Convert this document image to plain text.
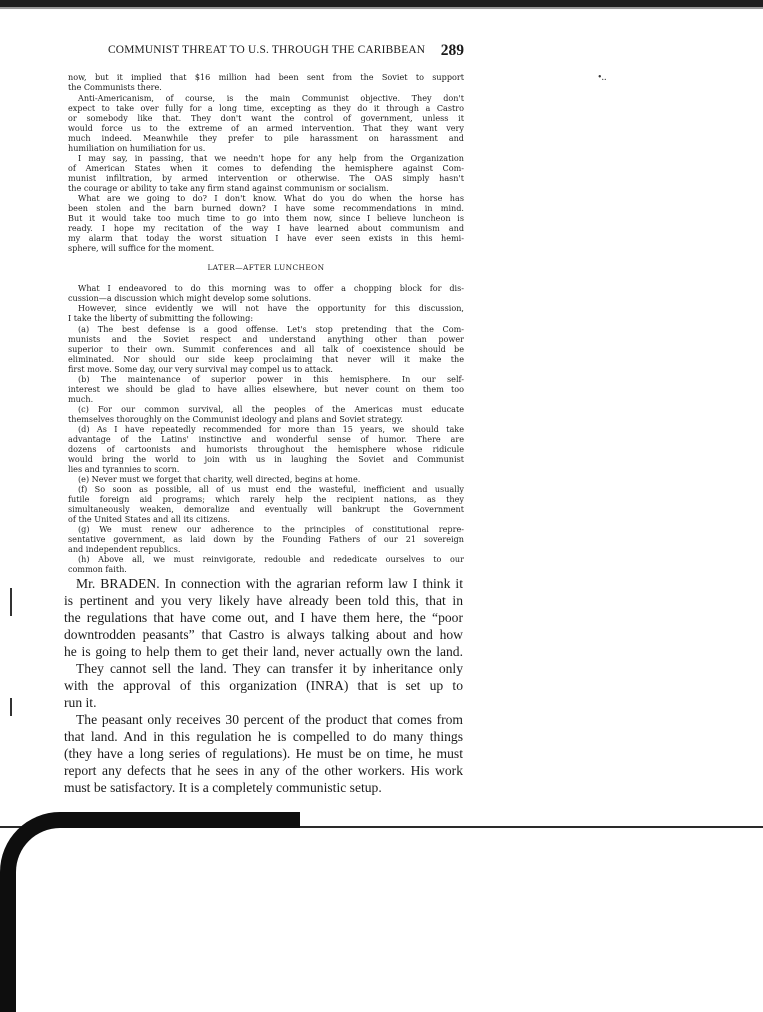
•..
COMMUNIST THREAT TO U.S. THROUGH THE CARIBBEAN 289
now, but it implied that $16 million had been sent from the Soviet to support
the Communists there.
Anti-Americanism, of course, is the main Communist objective. They don't
expect to take over fully for a long time, excepting as they do it through a Castro
or somebody like that. They don't want the control of government, unless it
would force us to the extreme of an armed intervention. That they want very
much indeed. Meanwhile they prefer to pile harassment on harassment and
humiliation on humiliation for us.
I may say, in passing, that we needn't hope for any help from the Organization
of American States when it comes to defending the hemisphere against Com-
munist infiltration, by armed intervention or otherwise. The OAS simply hasn't
the courage or ability to take any firm stand against communism or socialism.
What are we going to do? I don't know. What do you do when the horse has
been stolen and the barn burned down? I have some recommendations in mind.
But it would take too much time to go into them now, since I believe luncheon is
ready. I hope my recitation of the way I have learned about communism and
my alarm that today the worst situation I have ever seen exists in this hemi-
sphere, will suffice for the moment.
LATER—AFTER LUNCHEON
What I endeavored to do this morning was to offer a chopping block for dis-
cussion—a discussion which might develop some solutions.
However, since evidently we will not have the opportunity for this discussion,
I take the liberty of submitting the following:
(a) The best defense is a good offense. Let's stop pretending that the Com-
munists and the Soviet respect and understand anything other than power
superior to their own. Summit conferences and all talk of coexistence should be
eliminated. Nor should our side keep proclaiming that never will it make the
first move. Some day, our very survival may compel us to attack.
(b) The maintenance of superior power in this hemisphere. In our self-
interest we should be glad to have allies elsewhere, but never count on them too
much.
(c) For our common survival, all the peoples of the Americas must educate
themselves thoroughly on the Communist ideology and plans and Soviet strategy.
(d) As I have repeatedly recommended for more than 15 years, we should take
advantage of the Latins' instinctive and wonderful sense of humor. There are
dozens of cartoonists and humorists throughout the hemisphere whose ridicule
would bring the world to join with us in laughing the Soviet and Communist
lies and tyrannies to scorn.
(e) Never must we forget that charity, well directed, begins at home.
(f) So soon as possible, all of us must end the wasteful, inefficient and usually
futile foreign aid programs; which rarely help the recipient nations, as they
simultaneously weaken, demoralize and eventually will bankrupt the Government
of the United States and all its citizens.
(g) We must renew our adherence to the principles of constitutional repre-
sentative government, as laid down by the Founding Fathers of our 21 sovereign
and independent republics.
(h) Above all, we must reinvigorate, redouble and rededicate ourselves to our
common faith.
Mr. BRADEN. In connection with the agrarian reform law I think it
is pertinent and you very likely have already been told this, that in
the regulations that have come out, and I have them here, the “poor
downtrodden peasants” that Castro is always talking about and how
he is going to help them to get their land, never actually own the land.
They cannot sell the land. They can transfer it by inheritance only
with the approval of this organization (INRA) that is set up to
run it.
The peasant only receives 30 percent of the product that comes from
that land. And in this regulation he is compelled to do many things
(they have a long series of regulations). He must be on time, he must
report any defects that he sees in any of the other workers. His work
must be satisfactory. It is a completely communistic setup.
